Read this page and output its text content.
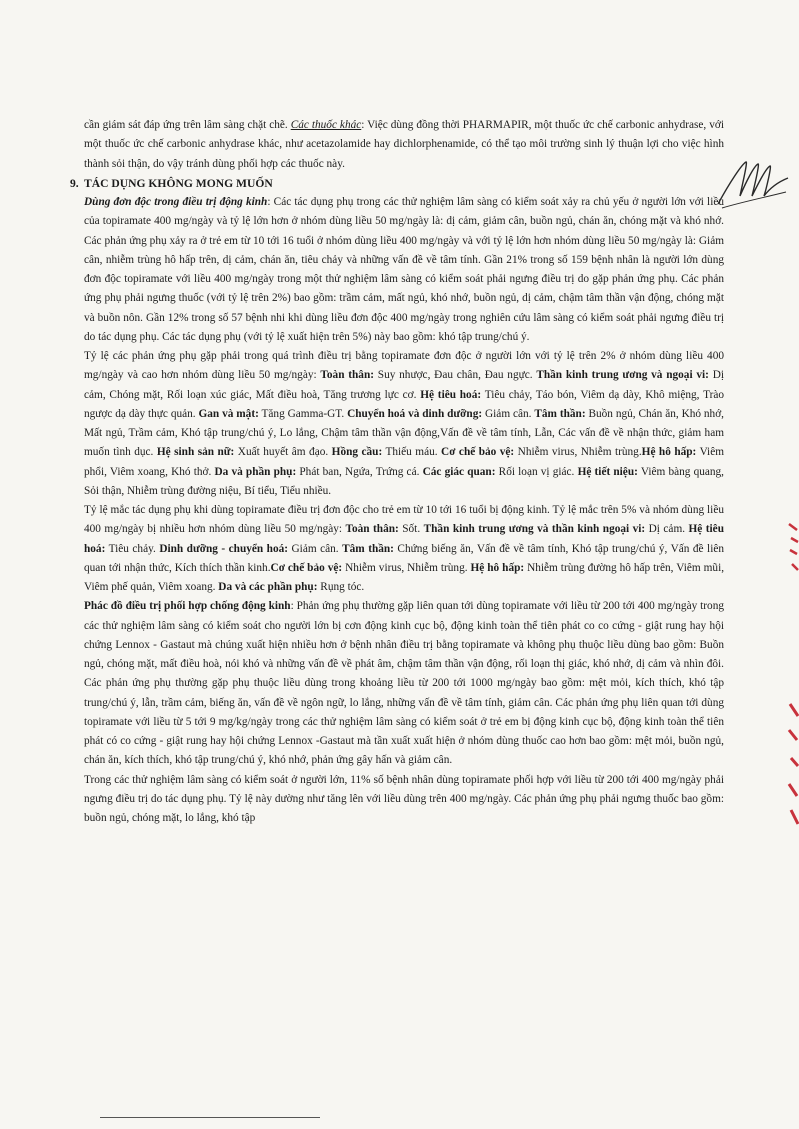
cần giám sát đáp ứng trên lâm sàng chặt chẽ. Các thuốc khác: Việc dùng đồng thời PHARMAPIR, một thuốc ức chế carbonic anhydrase, với một thuốc ức chế carbonic anhydrase khác, như acetazolamide hay dichlorphenamide, có thể tạo môi trường sinh lý thuận lợi cho việc hình thành sỏi thận, do vậy tránh dùng phối hợp các thuốc này.

9. TÁC DỤNG KHÔNG MONG MUỐN

Dùng đơn độc trong điều trị động kinh: Các tác dụng phụ trong các thử nghiệm lâm sàng có kiểm soát xảy ra chủ yếu ở người lớn với liều của topiramate 400 mg/ngày và tỷ lệ lớn hơn ở nhóm dùng liều 50 mg/ngày là: dị cảm, giảm cân, buồn ngủ, chán ăn, chóng mặt và khó nhớ. Các phản ứng phụ xảy ra ở trẻ em từ 10 tới 16 tuổi ở nhóm dùng liều 400 mg/ngày và với tỷ lệ lớn hơn nhóm dùng liều 50 mg/ngày là: Giảm cân, nhiễm trùng hô hấp trên, dị cảm, chán ăn, tiêu chảy và những vấn đề về tâm tính. Gần 21% trong số 159 bệnh nhân là người lớn dùng đơn độc topiramate với liều 400 mg/ngày trong một thử nghiệm lâm sàng có kiểm soát phải ngưng điều trị do gặp phản ứng phụ. Các phản ứng phụ phải ngưng thuốc (với tỷ lệ trên 2%) bao gồm: trầm cảm, mất ngủ, khó nhớ, buồn ngủ, dị cảm, chậm tâm thần vận động, chóng mặt và buồn nôn. Gần 12% trong số 57 bệnh nhi khi dùng liều đơn độc 400 mg/ngày trong nghiên cứu lâm sàng có kiểm soát phải ngưng điều trị do tác dụng phụ. Các tác dụng phụ (với tỷ lệ xuất hiện trên 5%) này bao gồm: khó tập trung/chú ý.

Tỷ lệ các phản ứng phụ gặp phải trong quá trình điều trị bằng topiramate đơn độc ở người lớn với tỷ lệ trên 2% ở nhóm dùng liều 400 mg/ngày và cao hơn nhóm dùng liều 50 mg/ngày: Toàn thân: Suy nhược, Đau chân, Đau ngực. Thần kinh trung ương và ngoại vi: Dị cảm, Chóng mặt, Rối loạn xúc giác, Mất điều hoà, Tăng trương lực cơ. Hệ tiêu hoá: Tiêu chảy, Táo bón, Viêm dạ dày, Khô miệng, Trào ngược dạ dày thực quản. Gan và mật: Tăng Gamma-GT. Chuyển hoá và dinh dưỡng: Giảm cân. Tâm thần: Buồn ngủ, Chán ăn, Khó nhớ, Mất ngủ, Trầm cảm, Khó tập trung/chú ý, Lo lắng, Chậm tâm thần vận động,Vấn đề về tâm tính, Lẫn, Các vấn đề về nhận thức, giảm ham muốn tình dục. Hệ sinh sản nữ: Xuất huyết âm đạo. Hồng cầu: Thiếu máu. Cơ chế bảo vệ: Nhiễm virus, Nhiễm trùng.Hệ hô hấp: Viêm phổi, Viêm xoang, Khó thở. Da và phần phụ: Phát ban, Ngứa, Trứng cá. Các giác quan: Rối loạn vị giác. Hệ tiết niệu: Viêm bàng quang, Sỏi thận, Nhiễm trùng đường niệu, Bí tiểu, Tiểu nhiều.

Tỷ lệ mắc tác dụng phụ khi dùng topiramate điều trị đơn độc cho trẻ em từ 10 tới 16 tuổi bị động kinh. Tỷ lệ mắc trên 5% và nhóm dùng liều 400 mg/ngày bị nhiều hơn nhóm dùng liều 50 mg/ngày: Toàn thân: Sốt. Thần kinh trung ương và thần kinh ngoại vi: Dị cảm. Hệ tiêu hoá: Tiêu chảy. Dinh dưỡng - chuyển hoá: Giảm cân. Tâm thần: Chứng biếng ăn, Vấn đề về tâm tính, Khó tập trung/chú ý, Vấn đề liên quan tới nhận thức, Kích thích thần kinh.Cơ chế bảo vệ: Nhiễm virus, Nhiễm trùng. Hệ hô hấp: Nhiễm trùng đường hô hấp trên, Viêm mũi, Viêm phế quản, Viêm xoang. Da và các phần phụ: Rụng tóc.

Phác đồ điều trị phối hợp chống động kinh: Phản ứng phụ thường gặp liên quan tới dùng topiramate với liều từ 200 tới 400 mg/ngày trong các thử nghiệm lâm sàng có kiểm soát cho người lớn bị cơn động kinh cục bộ, động kinh toàn thể tiên phát co co cứng - giật rung hay hội chứng Lennox - Gastaut mà chúng xuất hiện nhiều hơn ở bệnh nhân điều trị bằng topiramate và không phụ thuộc liều dùng bao gồm: Buồn ngủ, chóng mặt, mất điều hoà, nói khó và những vấn đề về phát âm, chậm tâm thần vận động, rối loạn thị giác, khó nhớ, dị cảm và nhìn đôi. Các phản ứng phụ thường gặp phụ thuộc liều dùng trong khoảng liều từ 200 tới 1000 mg/ngày bao gồm: mệt mỏi, kích thích, khó tập trung/chú ý, lẫn, trầm cảm, biếng ăn, vấn đề về ngôn ngữ, lo lắng, những vấn đề về tâm tính, giảm cân. Các phản ứng phụ liên quan tới dùng topiramate với liều từ 5 tới 9 mg/kg/ngày trong các thử nghiệm lâm sàng có kiểm soát ở trẻ em bị động kinh cục bộ, động kinh toàn thể tiên phát có co cứng - giật rung hay hội chứng Lennox -Gastaut mà tần xuất xuất hiện ở nhóm dùng thuốc cao hơn bao gồm: mệt mỏi, buồn ngủ, chán ăn, kích thích, khó tập trung/chú ý, khó nhớ, phản ứng gây hấn và giảm cân.

Trong các thử nghiệm lâm sàng có kiểm soát ở người lớn, 11% số bệnh nhân dùng topiramate phối hợp với liều từ 200 tới 400 mg/ngày phải ngưng điều trị do tác dụng phụ. Tỷ lệ này dường như tăng lên với liều dùng trên 400 mg/ngày. Các phản ứng phụ phải ngưng thuốc bao gồm: buồn ngủ, chóng mặt, lo lắng, khó tập
